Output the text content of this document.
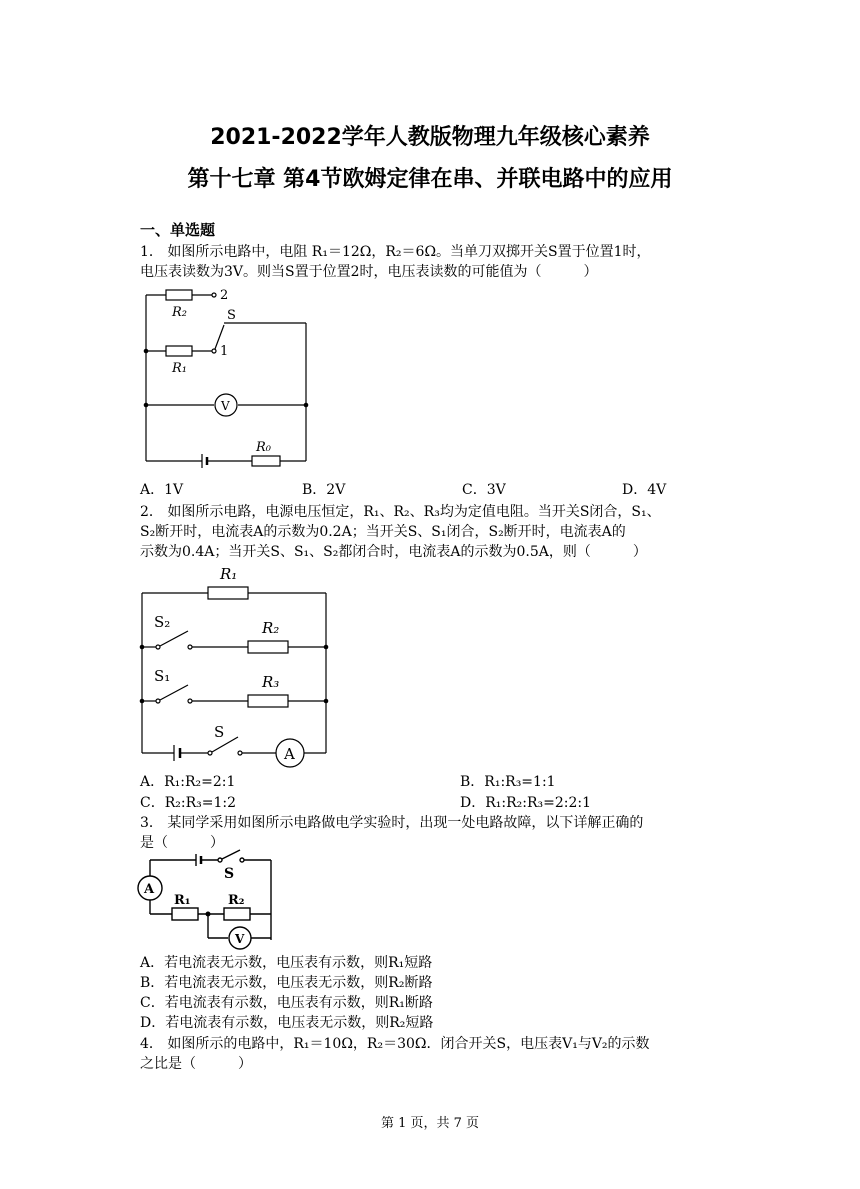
2021-2022学年人教版物理九年级核心素养
第十七章 第4节欧姆定律在串、并联电路中的应用
一、单选题
1． 如图所示电路中，电阻 R₁＝12Ω，R₂＝6Ω。当单刀双掷开关S置于位置1时，
电压表读数为3V。则当S置于位置2时，电压表读数的可能值为（　　　）
R₂
R₁
R₀
2
1
S
V
A．1V	B．2V	C．3V	D．4V
2． 如图所示电路，电源电压恒定，R₁、R₂、R₃均为定值电阻。当开关S闭合，S₁、
S₂断开时，电流表A的示数为0.2A；当开关S、S₁闭合，S₂断开时，电流表A的
示数为0.4A；当开关S、S₁、S₂都闭合时，电流表A的示数为0.5A，则（　　　）
R₁
R₂
R₃
S₂
S₁
S
A
A．R₁:R₂=2:1	B．R₁:R₃=1:1
C．R₂:R₃=1:2	D．R₁:R₂:R₃=2:2:1
3． 某同学采用如图所示电路做电学实验时，出现一处电路故障，以下详解正确的
是（　　　）
S
A
R₁	R₂
V
A．若电流表无示数，电压表有示数，则R₁短路
B．若电流表无示数，电压表无示数，则R₂断路
C．若电流表有示数，电压表有示数，则R₁断路
D．若电流表有示数，电压表无示数，则R₂短路
4． 如图所示的电路中，R₁＝10Ω，R₂＝30Ω．闭合开关S，电压表V₁与V₂的示数
之比是（　　　）
第 1 页，共 7 页
